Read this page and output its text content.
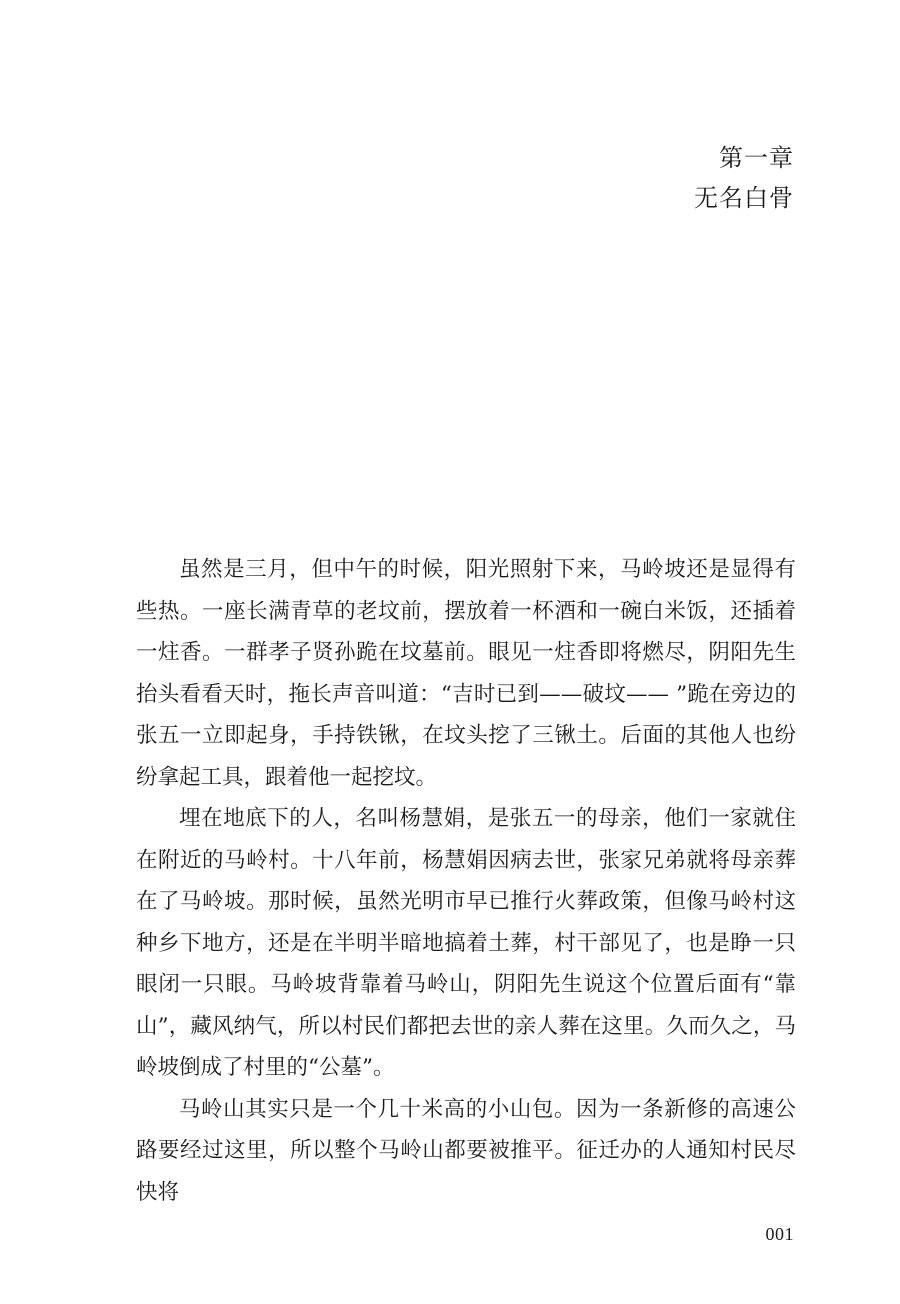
第一章
无名白骨

虽然是三月，但中午的时候，阳光照射下来，马岭坡还是显得有些热。一座长满青草的老坟前，摆放着一杯酒和一碗白米饭，还插着一炷香。一群孝子贤孙跪在坟墓前。眼见一炷香即将燃尽，阴阳先生抬头看看天时，拖长声音叫道：“吉时已到——破坟—— ”跪在旁边的张五一立即起身，手持铁锹，在坟头挖了三锹土。后面的其他人也纷纷拿起工具，跟着他一起挖坟。

埋在地底下的人，名叫杨慧娟，是张五一的母亲，他们一家就住在附近的马岭村。十八年前，杨慧娟因病去世，张家兄弟就将母亲葬在了马岭坡。那时候，虽然光明市早已推行火葬政策，但像马岭村这种乡下地方，还是在半明半暗地搞着土葬，村干部见了，也是睁一只眼闭一只眼。马岭坡背靠着马岭山，阴阳先生说这个位置后面有“靠山”，藏风纳气，所以村民们都把去世的亲人葬在这里。久而久之，马岭坡倒成了村里的“公墓”。

马岭山其实只是一个几十米高的小山包。因为一条新修的高速公路要经过这里，所以整个马岭山都要被推平。征迁办的人通知村民尽快将

001
